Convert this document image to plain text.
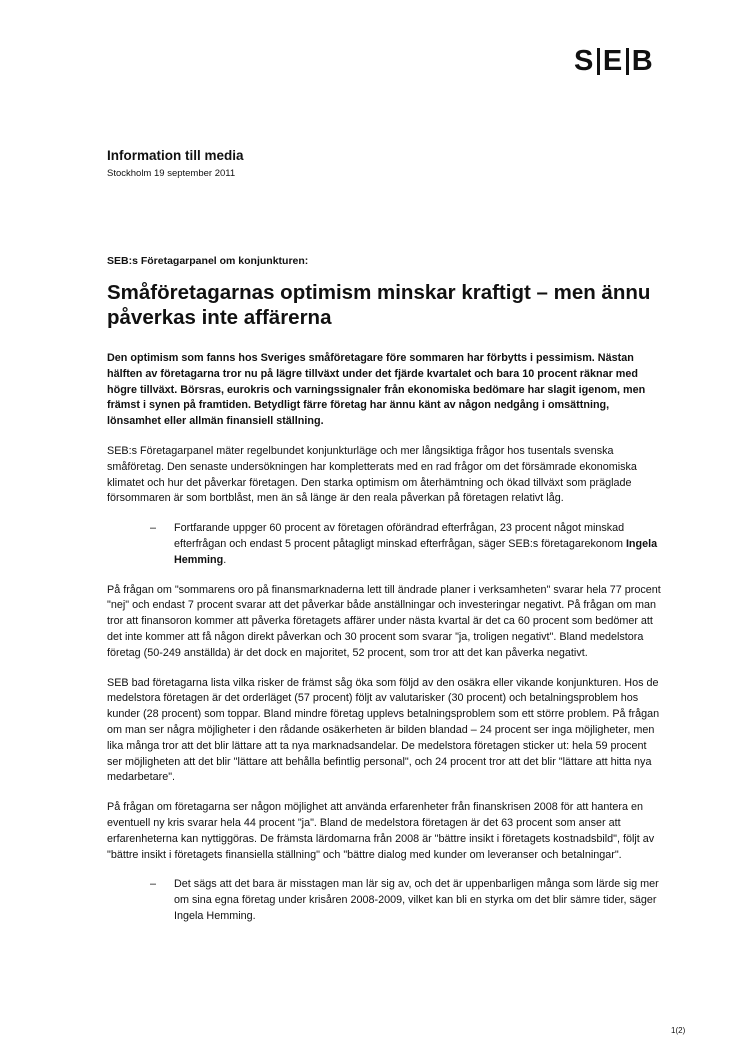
S E B
Information till media
Stockholm 19 september 2011
SEB:s Företagarpanel om konjunkturen:
Småföretagarnas optimism minskar kraftigt – men ännu påverkas inte affärerna

Den optimism som fanns hos Sveriges småföretagare före sommaren har förbytts i pessimism. Nästan hälften av företagarna tror nu på lägre tillväxt under det fjärde kvartalet och bara 10 procent räknar med högre tillväxt. Börsras, eurokris och varningssignaler från ekonomiska bedömare har slagit igenom, men främst i synen på framtiden. Betydligt färre företag har ännu känt av någon nedgång i omsättning, lönsamhet eller allmän finansiell ställning.

SEB:s Företagarpanel mäter regelbundet konjunkturläge och mer långsiktiga frågor hos tusentals svenska småföretag. Den senaste undersökningen har kompletterats med en rad frågor om det försämrade ekonomiska klimatet och hur det påverkar företagen. Den starka optimism om återhämtning och ökad tillväxt som präglade försommaren är som bortblåst, men än så länge är den reala påverkan på företagen relativt låg.

– Fortfarande uppger 60 procent av företagen oförändrad efterfrågan, 23 procent något minskad efterfrågan och endast 5 procent påtagligt minskad efterfrågan, säger SEB:s företagarekonom Ingela Hemming.

På frågan om "sommarens oro på finansmarknaderna lett till ändrade planer i verksamheten" svarar hela 77 procent "nej" och endast 7 procent svarar att det påverkar både anställningar och investeringar negativt. På frågan om man tror att finansoron kommer att påverka företagets affärer under nästa kvartal är det ca 60 procent som bedömer att det inte kommer att få någon direkt påverkan och 30 procent som svarar "ja, troligen negativt". Bland medelstora företag (50-249 anställda) är det dock en majoritet, 52 procent, som tror att det kan påverka negativt.

SEB bad företagarna lista vilka risker de främst såg öka som följd av den osäkra eller vikande konjunkturen. Hos de medelstora företagen är det orderläget (57 procent) följt av valutarisker (30 procent) och betalningsproblem hos kunder (28 procent) som toppar. Bland mindre företag upplevs betalningsproblem som ett större problem. På frågan om man ser några möjligheter i den rådande osäkerheten är bilden blandad – 24 procent ser inga möjligheter, men lika många tror att det blir lättare att ta nya marknadsandelar. De medelstora företagen sticker ut: hela 59 procent ser möjligheten att det blir "lättare att behålla befintlig personal", och 24 procent tror att det blir "lättare att hitta nya medarbetare".

På frågan om företagarna ser någon möjlighet att använda erfarenheter från finanskrisen 2008 för att hantera en eventuell ny kris svarar hela 44 procent "ja". Bland de medelstora företagen är det 63 procent som anser att erfarenheterna kan nyttiggöras. De främsta lärdomarna från 2008 är "bättre insikt i företagets kostnadsbild", följt av "bättre insikt i företagets finansiella ställning" och "bättre dialog med kunder om leveranser och betalningar".

– Det sägs att det bara är misstagen man lär sig av, och det är uppenbarligen många som lärde sig mer om sina egna företag under krisåren 2008-2009, vilket kan bli en styrka om det blir sämre tider, säger Ingela Hemming.

1(2)
